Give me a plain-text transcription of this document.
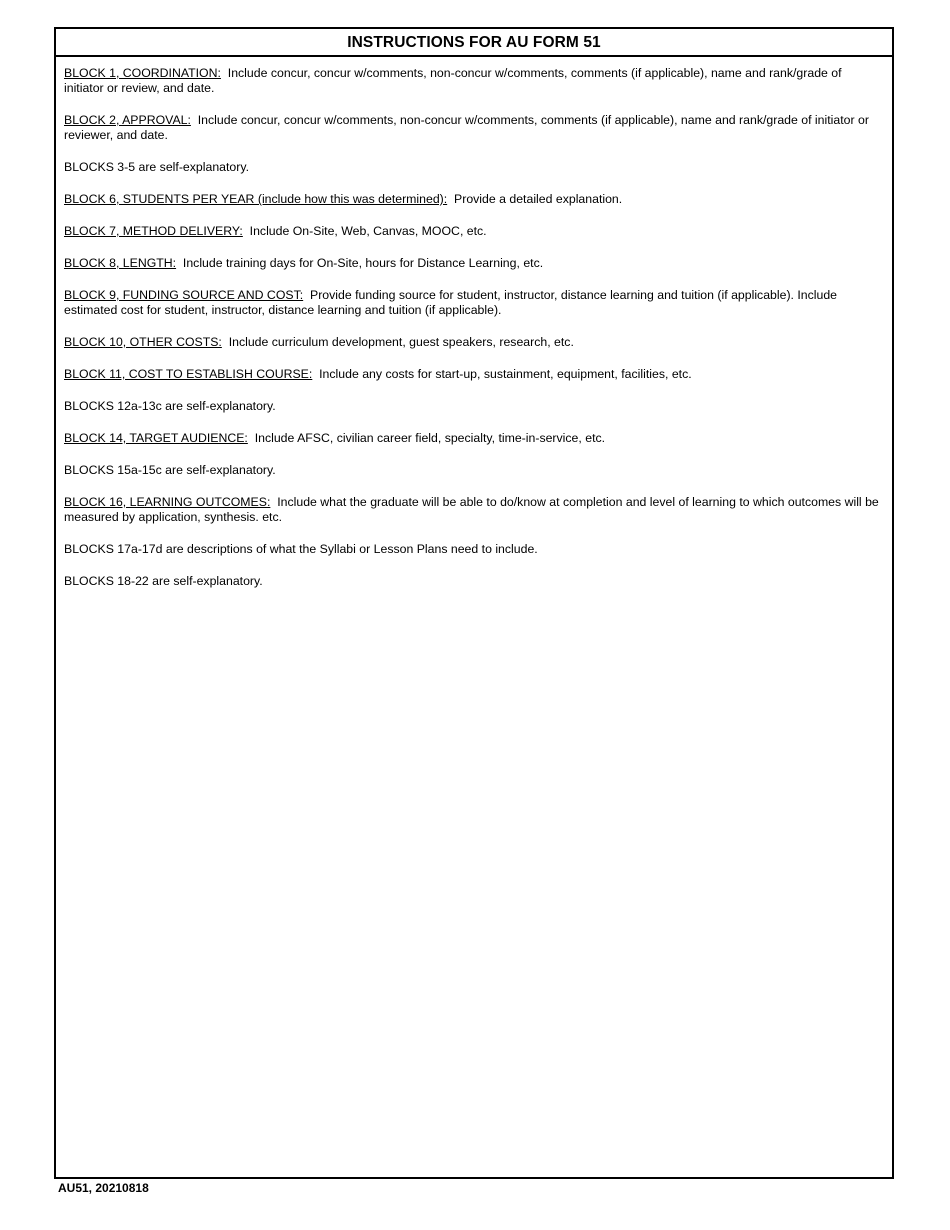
INSTRUCTIONS FOR AU FORM 51

BLOCK 1, COORDINATION: Include concur, concur w/comments, non-concur w/comments, comments (if applicable), name and rank/grade of initiator or review, and date.

BLOCK 2, APPROVAL: Include concur, concur w/comments, non-concur w/comments, comments (if applicable), name and rank/grade of initiator or reviewer, and date.

BLOCKS 3-5 are self-explanatory.

BLOCK 6, STUDENTS PER YEAR (include how this was determined): Provide a detailed explanation.

BLOCK 7, METHOD DELIVERY: Include On-Site, Web, Canvas, MOOC, etc.

BLOCK 8, LENGTH: Include training days for On-Site, hours for Distance Learning, etc.

BLOCK 9, FUNDING SOURCE AND COST: Provide funding source for student, instructor, distance learning and tuition (if applicable). Include estimated cost for student, instructor, distance learning and tuition (if applicable).

BLOCK 10, OTHER COSTS: Include curriculum development, guest speakers, research, etc.

BLOCK 11, COST TO ESTABLISH COURSE: Include any costs for start-up, sustainment, equipment, facilities, etc.

BLOCKS 12a-13c are self-explanatory.

BLOCK 14, TARGET AUDIENCE: Include AFSC, civilian career field, specialty, time-in-service, etc.

BLOCKS 15a-15c are self-explanatory.

BLOCK 16, LEARNING OUTCOMES: Include what the graduate will be able to do/know at completion and level of learning to which outcomes will be measured by application, synthesis. etc.

BLOCKS 17a-17d are descriptions of what the Syllabi or Lesson Plans need to include.

BLOCKS 18-22 are self-explanatory.

AU51, 20210818
